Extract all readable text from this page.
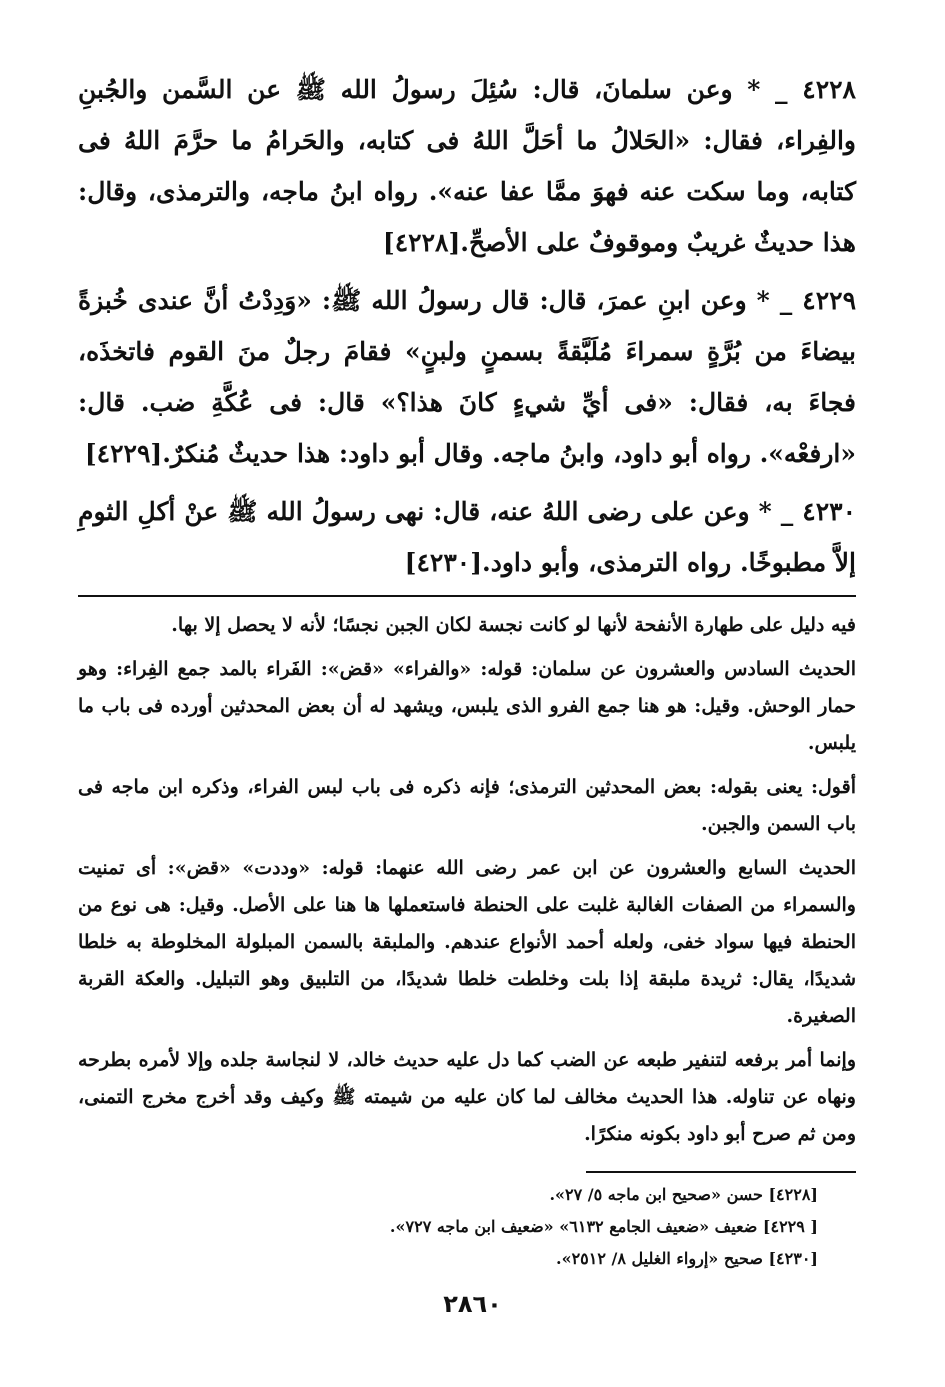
٤٢٢٨ _ * وعن سلمانَ، قال: سُئِلَ رسولُ الله ﷺ عن السَّمن والجُبنِ والفِراء، فقال: «الحَلالُ ما أحَلَّ اللهُ فى كتابه، والحَرامُ ما حرَّمَ اللهُ فى كتابه، وما سكت عنه فهوَ ممَّا عفا عنه». رواه ابنُ ماجه، والترمذى، وقال: هذا حديثٌ غريبٌ وموقوفٌ على الأصحِّ.[٤٢٢٨]

٤٢٢٩ _ * وعن ابنِ عمرَ، قال: قال رسولُ الله ﷺ: «وَدِدْتُ أنَّ عندى خُبزةً بيضاءَ من بُرَّةٍ سمراءَ مُلَبَّقةً بسمنٍ ولبنٍ» فقامَ رجلٌ منَ القوم فاتخذَه، فجاءَ به، فقال: «فى أيِّ شيءٍ كانَ هذا؟» قال: فى عُكَّةِ ضب. قال: «ارفعْه». رواه أبو داود، وابنُ ماجه. وقال أبو داود: هذا حديثٌ مُنكرٌ.[٤٢٢٩]

٤٢٣٠ _ * وعن على رضى اللهُ عنه، قال: نهى رسولُ الله ﷺ عنْ أكلِ الثومِ إلاَّ مطبوخًا. رواه الترمذى، وأبو داود.[٤٢٣٠]

فيه دليل على طهارة الأنفحة لأنها لو كانت نجسة لكان الجبن نجسًا؛ لأنه لا يحصل إلا بها.

الحديث السادس والعشرون عن سلمان: قوله: «والفراء» «قض»: الفَراء بالمد جمع الفِراء: وهو حمار الوحش. وقيل: هو هنا جمع الفرو الذى يلبس، ويشهد له أن بعض المحدثين أورده فى باب ما يلبس.

أقول: يعنى بقوله: بعض المحدثين الترمذى؛ فإنه ذكره فى باب لبس الفراء، وذكره ابن ماجه فى باب السمن والجبن.

الحديث السابع والعشرون عن ابن عمر رضى الله عنهما: قوله: «وددت» «قض»: أى تمنيت والسمراء من الصفات الغالبة غلبت على الحنطة فاستعملها ها هنا على الأصل. وقيل: هى نوع من الحنطة فيها سواد خفى، ولعله أحمد الأنواع عندهم. والملبقة بالسمن المبلولة المخلوطة به خلطا شديدًا، يقال: ثريدة ملبقة إذا بلت وخلطت خلطا شديدًا، من التلبيق وهو التبليل. والعكة القربة الصغيرة.

وإنما أمر برفعه لتنفير طبعه عن الضب كما دل عليه حديث خالد، لا لنجاسة جلده وإلا لأمره بطرحه ونهاه عن تناوله. هذا الحديث مخالف لما كان عليه من شيمته ﷺ وكيف وقد أخرج مخرج التمنى، ومن ثم صرح أبو داود بكونه منكرًا.

[٤٢٢٨] حسن «صحيح ابن ماجه ٥/ ٢٧».

[ ٤٢٢٩] ضعيف «ضعيف الجامع ٦١٣٢» «ضعيف ابن ماجه ٧٢٧».

[٤٢٣٠] صحيح «إرواء الغليل ٨/ ٢٥١٢».

٢٨٦٠
